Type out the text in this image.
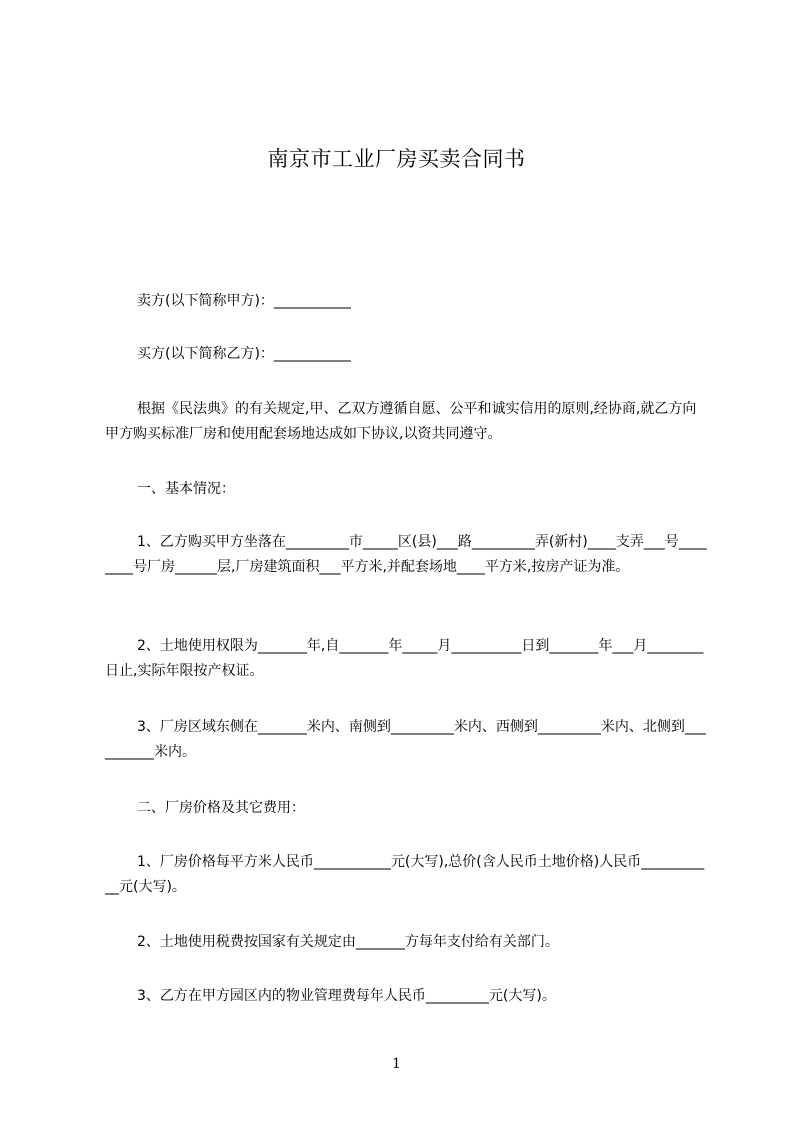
南京市工业厂房买卖合同书
卖方(以下简称甲方)：___________
买方(以下简称乙方)：___________
根据《民法典》的有关规定,甲、乙双方遵循自愿、公平和诚实信用的原则,经协商,就乙方向甲方购买标准厂房和使用配套场地达成如下协议,以资共同遵守。
一、基本情况：
1、乙方购买甲方坐落在_________市_____区(县)___路_________弄(新村)____支弄___号________号厂房______层,厂房建筑面积___平方米,并配套场地____平方米,按房产证为准。
2、土地使用权限为_______年,自_______年_____月__________日到_______年___月________日止,实际年限按产权证。
3、厂房区域东侧在_______米内、南侧到_________米内、西侧到_________米内、北侧到__________米内。
二、厂房价格及其它费用：
1、厂房价格每平方米人民币___________元(大写),总价(含人民币土地价格)人民币___________元(大写)。
2、土地使用税费按国家有关规定由_______方每年支付给有关部门。
3、乙方在甲方园区内的物业管理费每年人民币_________元(大写)。
1
